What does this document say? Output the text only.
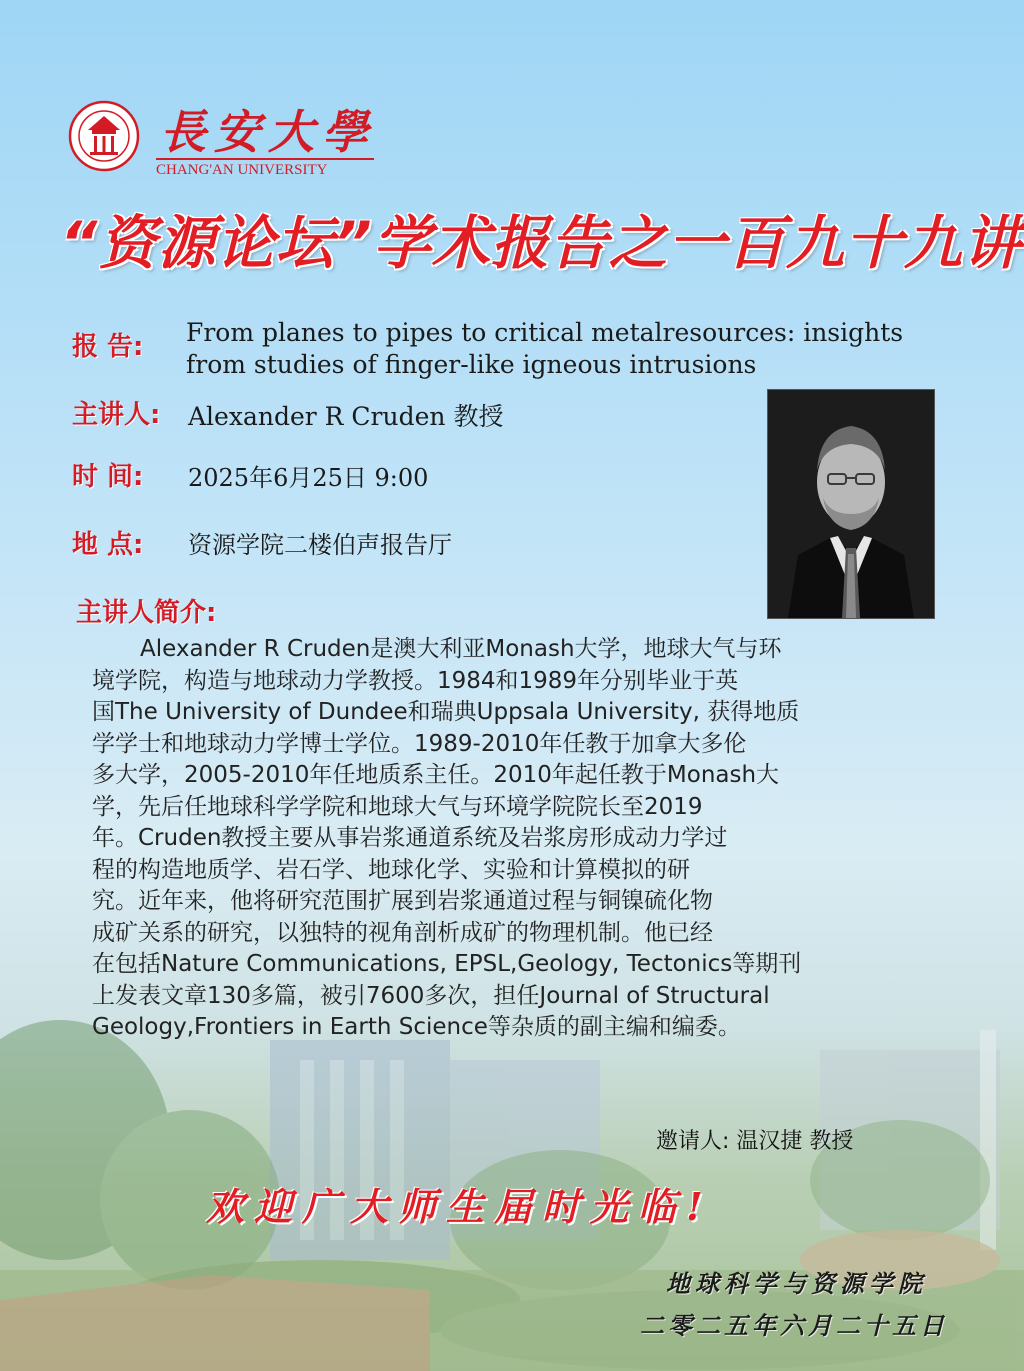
長安大學
CHANG'AN UNIVERSITY
“资源论坛”学术报告之一百九十九讲
报 告: From planes to pipes to critical metalresources: insights
from studies of finger-like igneous intrusions
主讲人: Alexander R Cruden 教授
时 间: 2025年6月25日 9:00
地 点: 资源学院二楼伯声报告厅
主讲人简介:
Alexander R Cruden是澳大利亚Monash大学，地球大气与环
境学院，构造与地球动力学教授。1984和1989年分别毕业于英
国The University of Dundee和瑞典Uppsala University, 获得地质
学学士和地球动力学博士学位。1989-2010年任教于加拿大多伦
多大学，2005-2010年任地质系主任。2010年起任教于Monash大
学，先后任地球科学学院和地球大气与环境学院院长至2019
年。Cruden教授主要从事岩浆通道系统及岩浆房形成动力学过
程的构造地质学、岩石学、地球化学、实验和计算模拟的研
究。近年来，他将研究范围扩展到岩浆通道过程与铜镍硫化物
成矿关系的研究，以独特的视角剖析成矿的物理机制。他已经
在包括Nature Communications, EPSL,Geology, Tectonics等期刊
上发表文章130多篇，被引7600多次，担任Journal of Structural
Geology,Frontiers in Earth Science等杂质的副主编和编委。
邀请人: 温汉捷 教授
欢迎广大师生届时光临!
地球科学与资源学院
二零二五年六月二十五日
